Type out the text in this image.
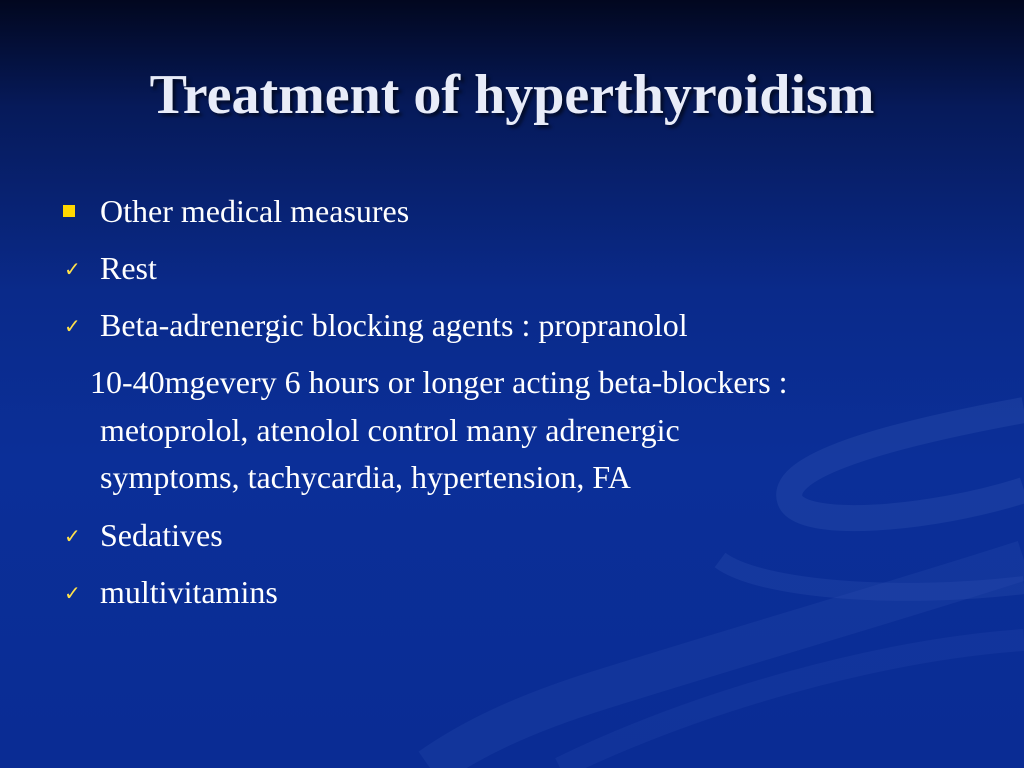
Treatment of hyperthyroidism
Other medical measures
✓ Rest
✓ Beta-adrenergic blocking agents : propranolol
10-40mgevery 6 hours or longer acting beta-blockers :
metoprolol, atenolol control many adrenergic
symptoms, tachycardia, hypertension, FA
✓ Sedatives
✓ multivitamins
